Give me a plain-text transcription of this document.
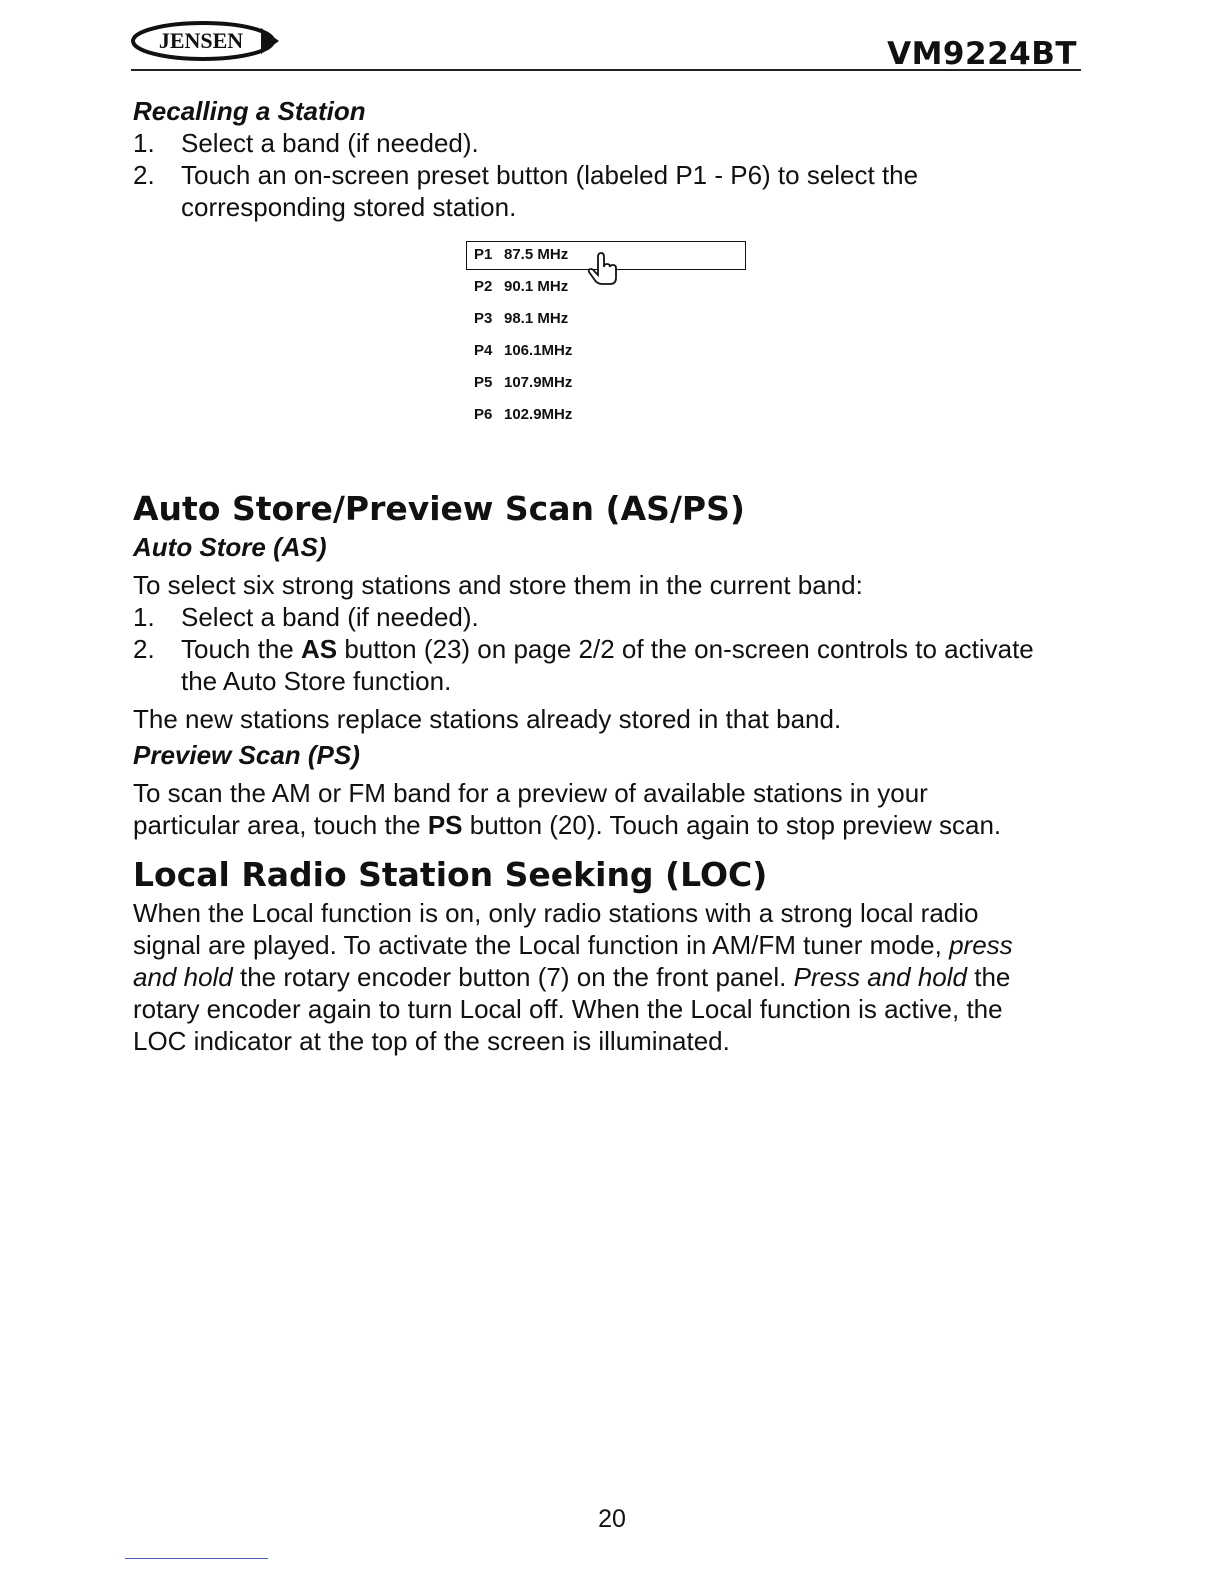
JENSEN	VM9224BT

Recalling a Station

1. Select a band (if needed).
2. Touch an on-screen preset button (labeled P1 - P6) to select the
corresponding stored station.
P1 87.5 MHz
P2 90.1 MHz
P3 98.1 MHz
P4 106.1MHz
P5 107.9MHz
P6 102.9MHz
Auto Store/Preview Scan (AS/PS)

Auto Store (AS)

To select six strong stations and store them in the current band:

1. Select a band (if needed).
2. Touch the AS button (23) on page 2/2 of the on-screen controls to activate
the Auto Store function.

The new stations replace stations already stored in that band.

Preview Scan (PS)

To scan the AM or FM band for a preview of available stations in your
particular area, touch the PS button (20). Touch again to stop preview scan.

Local Radio Station Seeking (LOC)

When the Local function is on, only radio stations with a strong local radio
signal are played. To activate the Local function in AM/FM tuner mode, press
and hold the rotary encoder button (7) on the front panel. Press and hold the
rotary encoder again to turn Local off. When the Local function is active, the
LOC indicator at the top of the screen is illuminated.

20
